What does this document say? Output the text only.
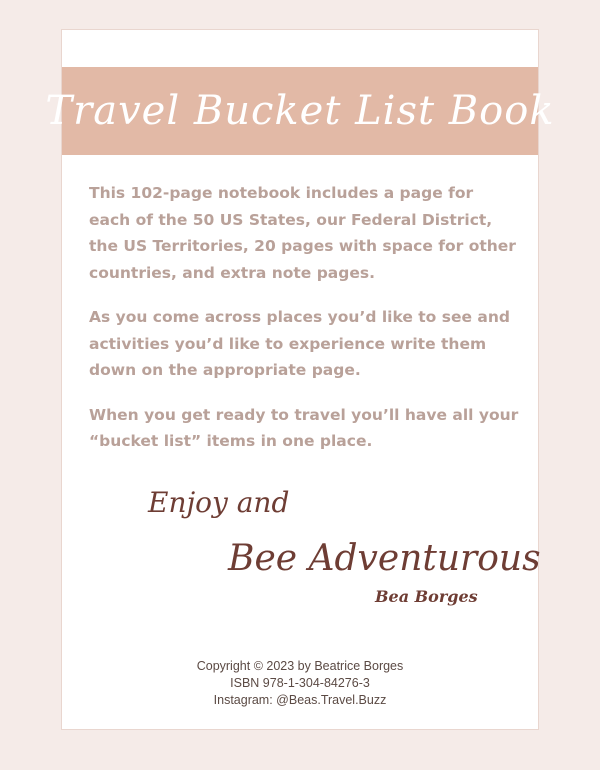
Travel Bucket List Book

This 102-page notebook includes a page for each of the 50 US States, our Federal District, the US Territories, 20 pages with space for other countries, and extra note pages.

As you come across places you’d like to see and activities you’d like to experience write them down on the appropriate page.

When you get ready to travel you’ll have all your “bucket list” items in one place.

Enjoy and
Bee Adventurous
Bea Borges
Copyright © 2023 by Beatrice Borges
ISBN 978-1-304-84276-3
Instagram: @Beas.Travel.Buzz
